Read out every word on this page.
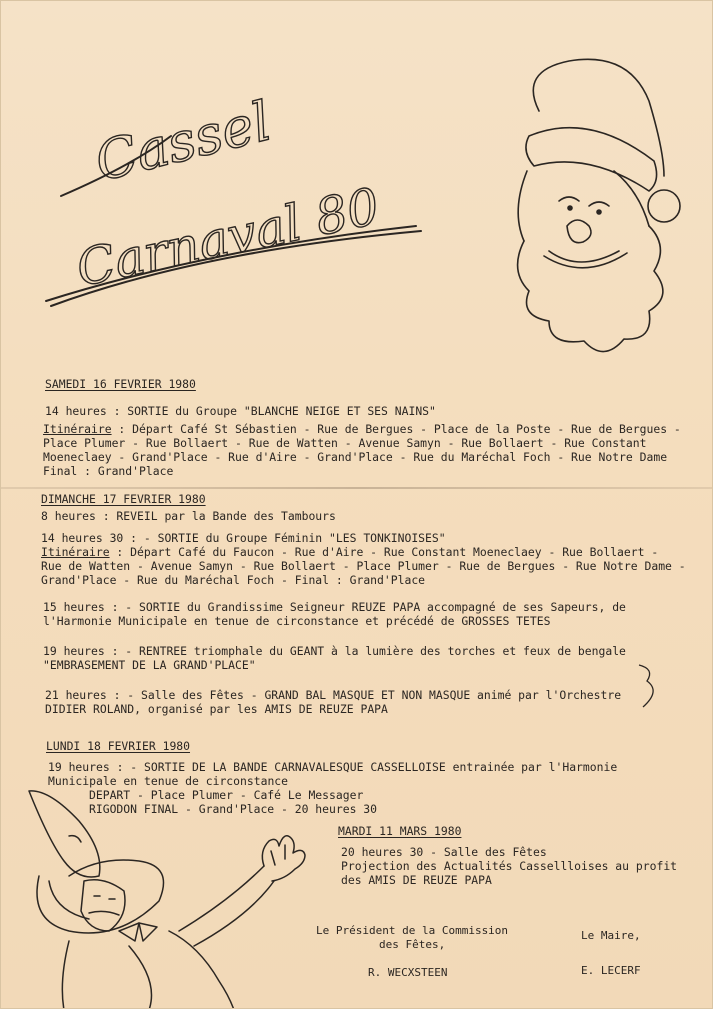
Cassel
Carnaval 80
SAMEDI 16 FEVRIER 1980
14 heures : SORTIE du Groupe "BLANCHE NEIGE ET SES NAINS"
Itinéraire : Départ Café St Sébastien - Rue de Bergues - Place de la Poste - Rue de Bergues -
Place Plumer - Rue Bollaert - Rue de Watten - Avenue Samyn - Rue Bollaert - Rue Constant
Moeneclaey - Grand'Place - Rue d'Aire - Grand'Place - Rue du Maréchal Foch - Rue Notre Dame
Final : Grand'Place
DIMANCHE 17 FEVRIER 1980
8 heures : REVEIL par la Bande des Tambours
14 heures 30 : - SORTIE du Groupe Féminin "LES TONKINOISES"
Itinéraire : Départ Café du Faucon - Rue d'Aire - Rue Constant Moeneclaey - Rue Bollaert -
Rue de Watten - Avenue Samyn - Rue Bollaert - Place Plumer - Rue de Bergues - Rue Notre Dame -
Grand'Place - Rue du Maréchal Foch - Final : Grand'Place
15 heures : - SORTIE du Grandissime Seigneur REUZE PAPA accompagné de ses Sapeurs, de
l'Harmonie Municipale en tenue de circonstance et précédé de GROSSES TETES
19 heures : - RENTREE triomphale du GEANT à la lumière des torches et feux de bengale
"EMBRASEMENT DE LA GRAND'PLACE"
21 heures : - Salle des Fêtes - GRAND BAL MASQUE ET NON MASQUE animé par l'Orchestre
DIDIER ROLAND, organisé par les AMIS DE REUZE PAPA
LUNDI 18 FEVRIER 1980
19 heures : - SORTIE DE LA BANDE CARNAVALESQUE CASSELLOISE entrainée par l'Harmonie
Municipale en tenue de circonstance
DEPART - Place Plumer - Café Le Messager
RIGODON FINAL - Grand'Place - 20 heures 30
MARDI 11 MARS 1980
20 heures 30 - Salle des Fêtes
Projection des Actualités Cassellloises au profit
des AMIS DE REUZE PAPA
Le Président de la Commission
des Fêtes,
R. WECXSTEEN
Le Maire,
E. LECERF
